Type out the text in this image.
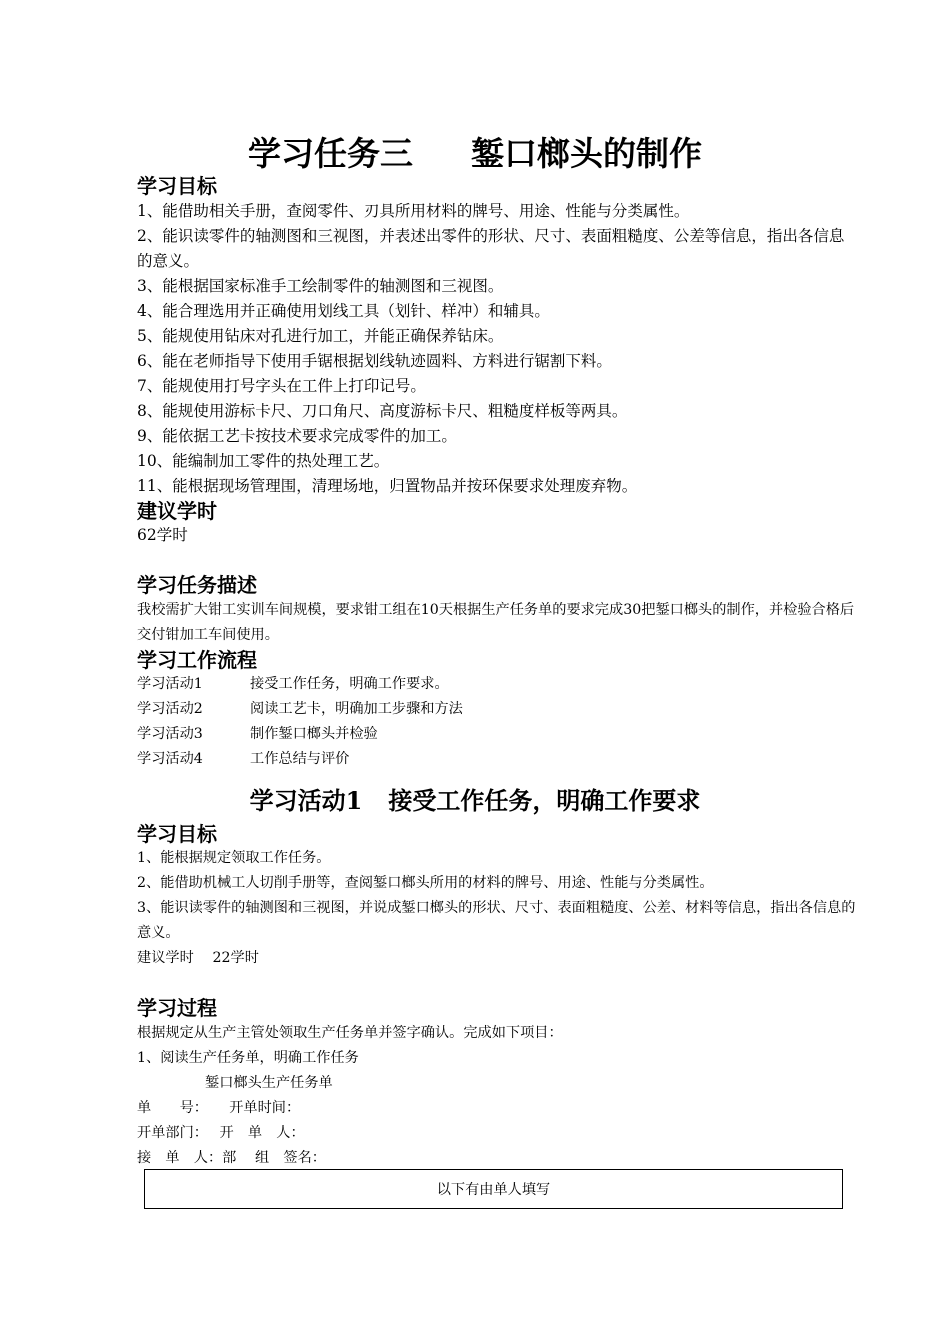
学习任务三 錾口榔头的制作
学习目标
1、能借助相关手册，查阅零件、刃具所用材料的牌号、用途、性能与分类属性。
2、能识读零件的轴测图和三视图，并表述出零件的形状、尺寸、表面粗糙度、公差等信息，指出各信息的意义。
3、能根据国家标准手工绘制零件的轴测图和三视图。
4、能合理选用并正确使用划线工具（划针、样冲）和辅具。
5、能规使用钻床对孔进行加工，并能正确保养钻床。
6、能在老师指导下使用手锯根据划线轨迹圆料、方料进行锯割下料。
7、能规使用打号字头在工件上打印记号。
8、能规使用游标卡尺、刀口角尺、高度游标卡尺、粗糙度样板等两具。
9、能依据工艺卡按技术要求完成零件的加工。
10、能编制加工零件的热处理工艺。
11、能根据现场管理围，清理场地，归置物品并按环保要求处理废弃物。
建议学时
62学时
学习任务描述
我校需扩大钳工实训车间规模，要求钳工组在10天根据生产任务单的要求完成30把錾口榔头的制作，并检验合格后交付钳加工车间使用。
学习工作流程
学习活动1	接受工作任务，明确工作要求。
学习活动2	阅读工艺卡，明确加工步骤和方法
学习活动3	制作錾口榔头并检验
学习活动4	工作总结与评价
学习活动1 接受工作任务，明确工作要求
学习目标
1、能根据规定领取工作任务。
2、能借助机械工人切削手册等，查阅錾口榔头所用的材料的牌号、用途、性能与分类属性。
3、能识读零件的轴测图和三视图，并说成錾口榔头的形状、尺寸、表面粗糙度、公差、材料等信息，指出各信息的意义。
建议学时　 22学时
学习过程
根据规定从生产主管处领取生产任务单并签字确认。完成如下项目：
1、阅读生产任务单，明确工作任务
錾口榔头生产任务单
单　　号：　　开单时间：
开单部门：　 开　单　人：
接　单　人：部　 组　签名：
以下有由单人填写
